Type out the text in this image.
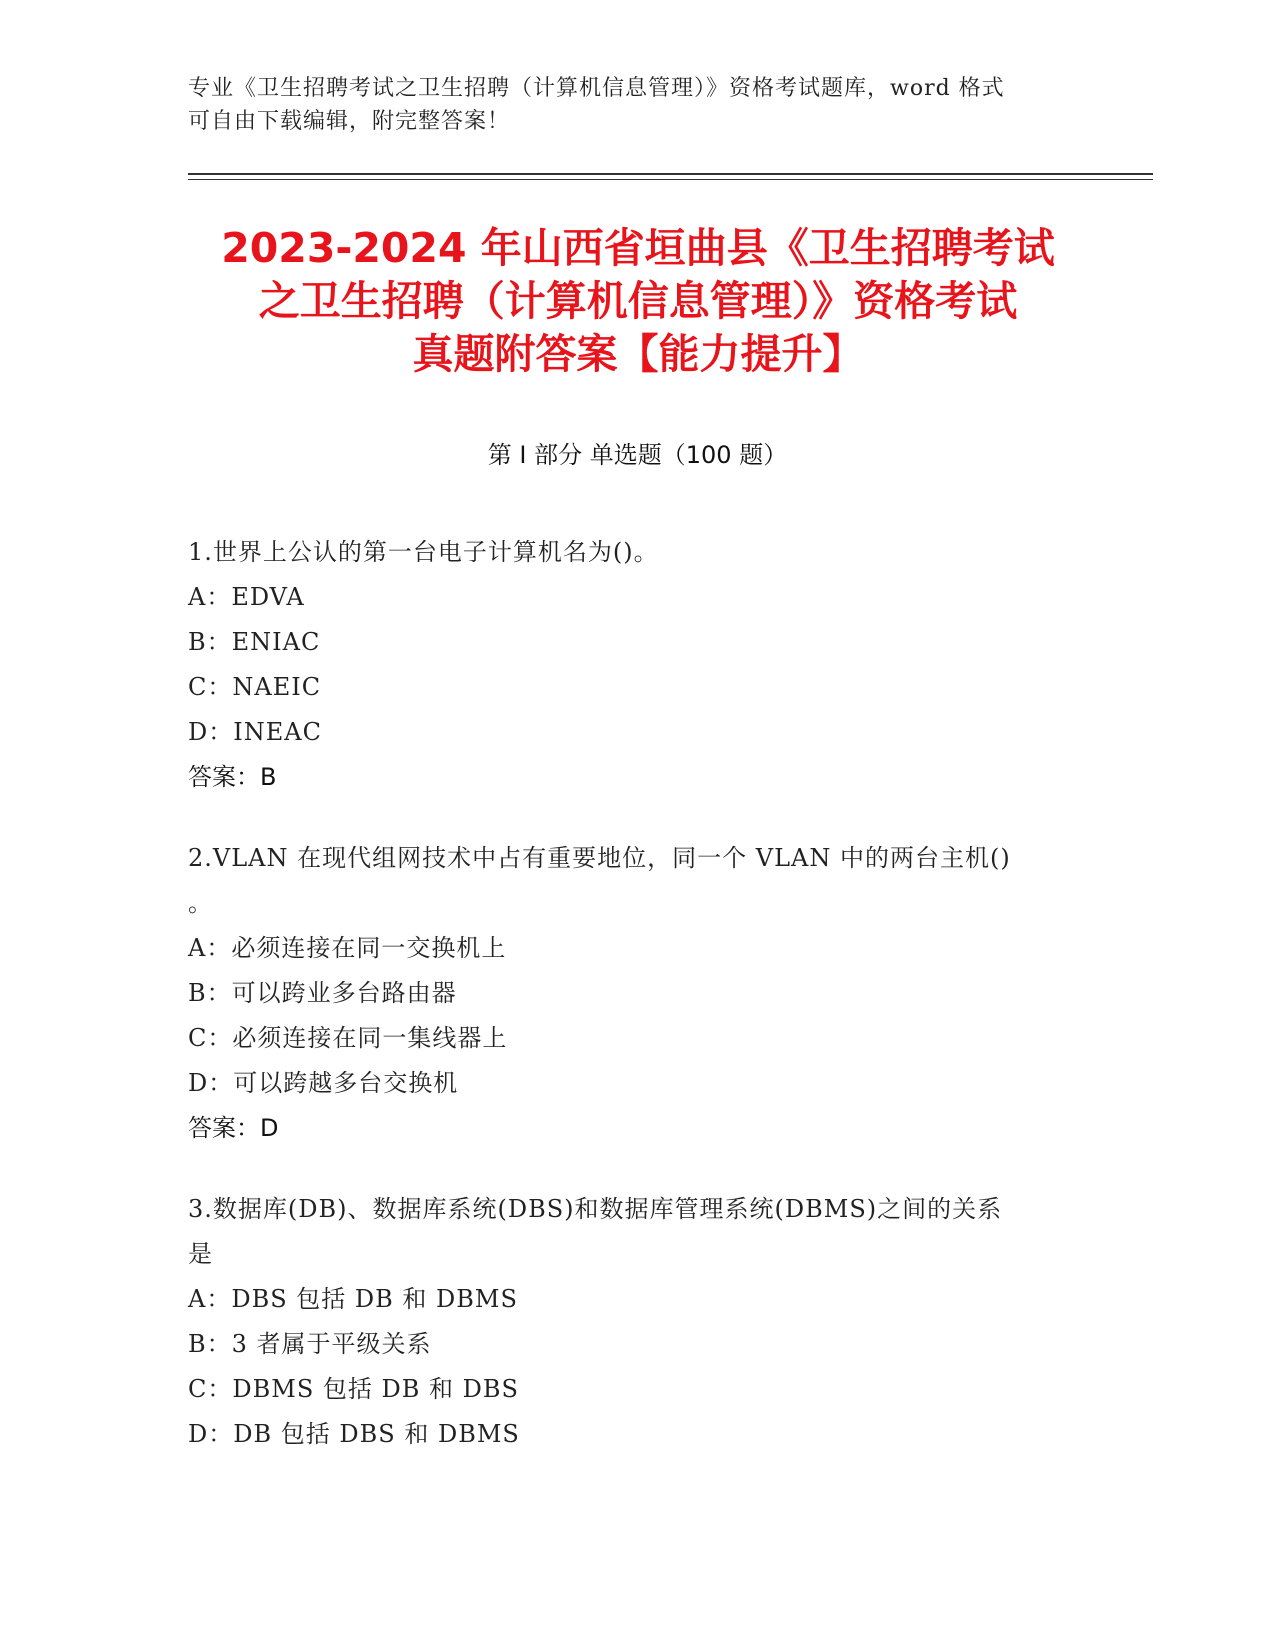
专业《卫生招聘考试之卫生招聘（计算机信息管理）》资格考试题库，word 格式
可自由下载编辑，附完整答案！
2023-2024 年山西省垣曲县《卫生招聘考试
之卫生招聘（计算机信息管理）》资格考试
真题附答案【能力提升】
第 I 部分 单选题（100 题）
1.世界上公认的第一台电子计算机名为()。
A：EDVA
B：ENIAC
C：NAEIC
D：INEAC
答案：B
2.VLAN 在现代组网技术中占有重要地位，同一个 VLAN 中的两台主机()
。
A：必须连接在同一交换机上
B：可以跨业多台路由器
C：必须连接在同一集线器上
D：可以跨越多台交换机
答案：D
3.数据库(DB)、数据库系统(DBS)和数据库管理系统(DBMS)之间的关系
是
A：DBS 包括 DB 和 DBMS
B：3 者属于平级关系
C：DBMS 包括 DB 和 DBS
D：DB 包括 DBS 和 DBMS
